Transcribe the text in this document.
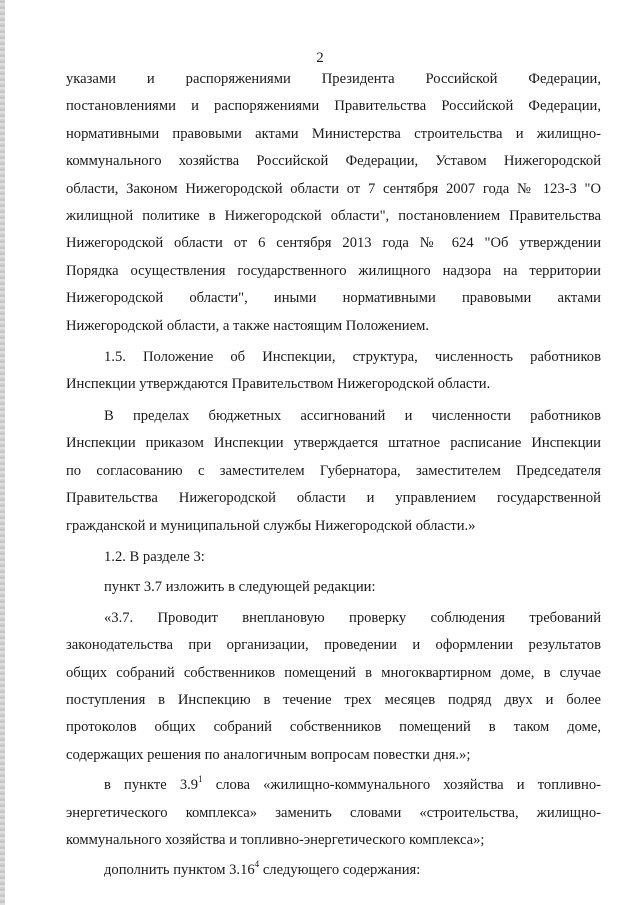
2

указами и распоряжениями Президента Российской Федерации,
постановлениями и распоряжениями Правительства Российской Федерации,
нормативными правовыми актами Министерства строительства и жилищно-
коммунального хозяйства Российской Федерации, Уставом Нижегородской
области, Законом Нижегородской области от 7 сентября 2007 года № 123-З "О
жилищной политике в Нижегородской области", постановлением Правительства
Нижегородской области от 6 сентября 2013 года № 624 "Об утверждении
Порядка осуществления государственного жилищного надзора на территории
Нижегородской области", иными нормативными правовыми актами
Нижегородской области, а также настоящим Положением.

1.5. Положение об Инспекции, структура, численность работников
Инспекции утверждаются Правительством Нижегородской области.

В пределах бюджетных ассигнований и численности работников
Инспекции приказом Инспекции утверждается штатное расписание Инспекции
по согласованию с заместителем Губернатора, заместителем Председателя
Правительства Нижегородской области и управлением государственной
гражданской и муниципальной службы Нижегородской области.»

1.2. В разделе 3:

пункт 3.7 изложить в следующей редакции:

«3.7. Проводит внеплановую проверку соблюдения требований
законодательства при организации, проведении и оформлении результатов
общих собраний собственников помещений в многоквартирном доме, в случае
поступления в Инспекцию в течение трех месяцев подряд двух и более
протоколов общих собраний собственников помещений в таком доме,
содержащих решения по аналогичным вопросам повестки дня.»;

в пункте $3.9^1$ слова «жилищно-коммунального хозяйства и топливно-
энергетического комплекса» заменить словами «строительства, жилищно-
коммунального хозяйства и топливно-энергетического комплекса»;

дополнить пунктом 3.16$^4$ следующего содержания:
